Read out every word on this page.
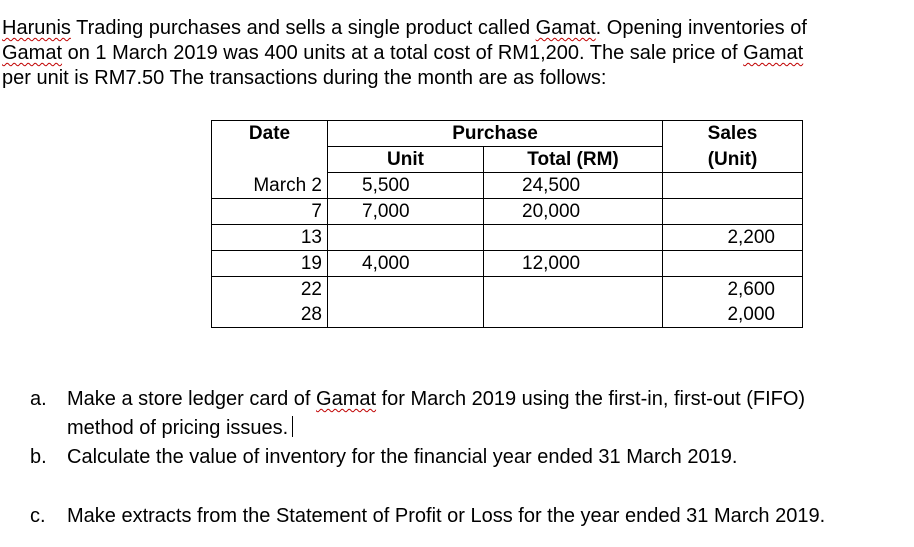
Harunis Trading purchases and sells a single product called Gamat. Opening inventories of
Gamat on 1 March 2019 was 400 units at a total cost of RM1,200. The sale price of Gamat
per unit is RM7.50 The transactions during the month are as follows:

Date	Purchase		Sales
	Unit	Total (RM)	(Unit)
March 2	5,500	24,500	
7	7,000	20,000	
13			2,200
19	4,000	12,000	
22			2,600
28			2,000
a. Make a store ledger card of Gamat for March 2019 using the first-in, first-out (FIFO)
method of pricing issues.
b. Calculate the value of inventory for the financial year ended 31 March 2019.
c. Make extracts from the Statement of Profit or Loss for the year ended 31 March 2019.
